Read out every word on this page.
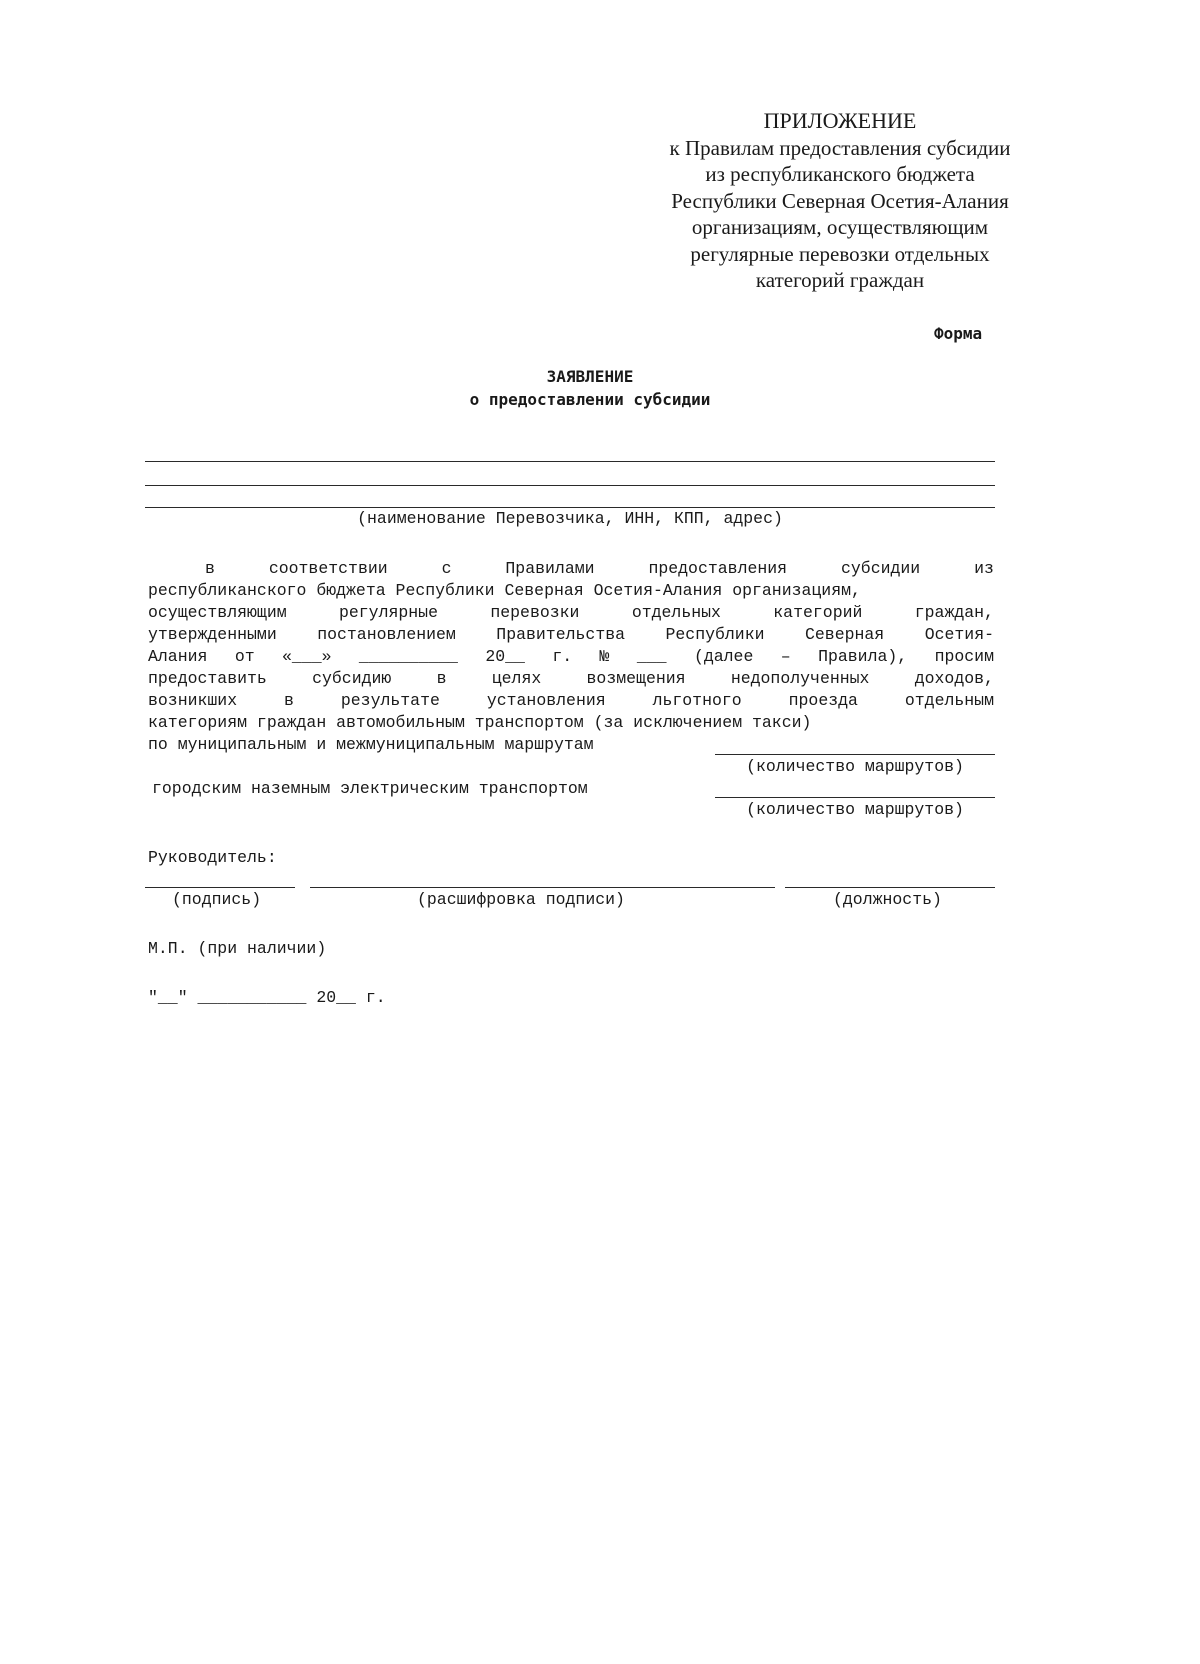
ПРИЛОЖЕНИЕ
к Правилам предоставления субсидии
из республиканского бюджета
Республики Северная Осетия-Алания
организациям, осуществляющим
регулярные перевозки отдельных
категорий граждан
Форма
ЗАЯВЛЕНИЕ
о предоставлении субсидии
(наименование Перевозчика, ИНН, КПП, адрес)
в	соответствии	с	Правилами	предоставления	субсидии	из
республиканского бюджета Республики Северная Осетия-Алания организациям,
осуществляющим	регулярные	перевозки	отдельных	категорий	граждан,
утвержденными постановлением Правительства Республики Северная Осетия-
Алания от «___» __________ 20__ г. № ___ (далее – Правила), просим
предоставить	субсидию	в	целях	возмещения	недополученных	доходов,
возникших	в	результате	установления	льготного	проезда	отдельным
категориям граждан автомобильным транспортом (за исключением такси)
по муниципальным и межмуниципальным маршрутам
(количество маршрутов)
городским наземным электрическим транспортом
(количество маршрутов)
Руководитель:
(подпись)	(расшифровка подписи)	(должность)
М.П. (при наличии)
"__" ___________ 20__ г.
